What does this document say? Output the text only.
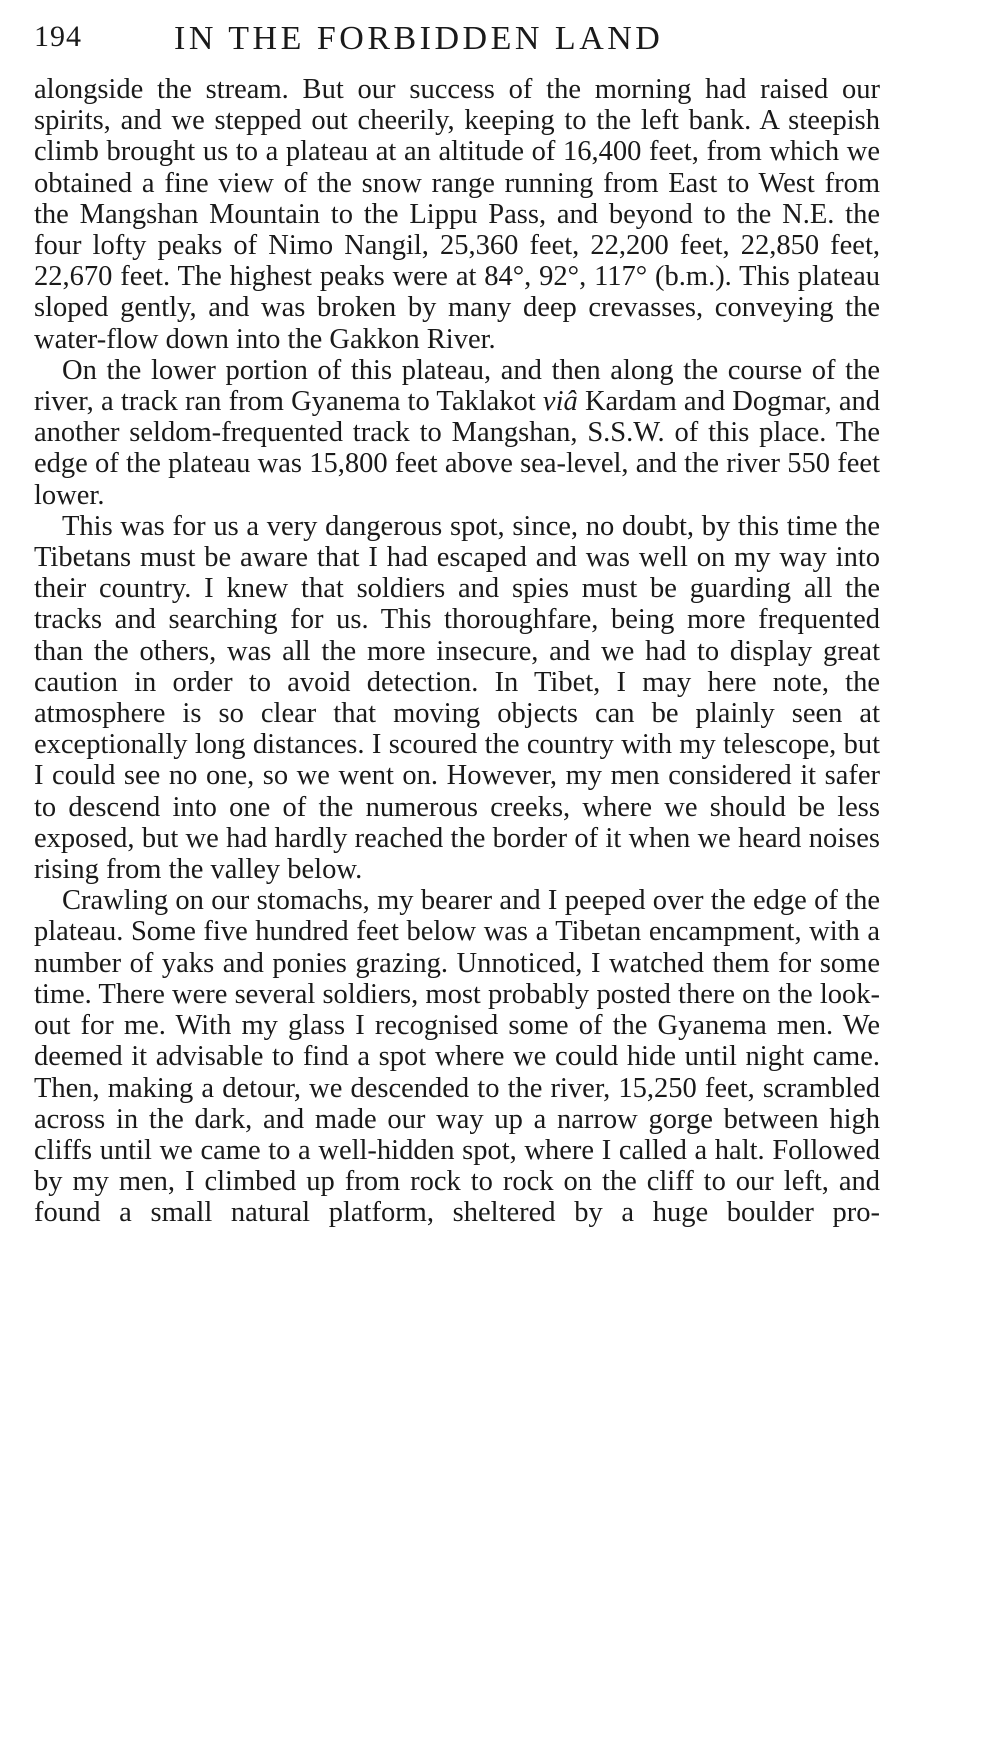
194	IN THE FORBIDDEN LAND

alongside the stream. But our success of the morning had raised our spirits, and we stepped out cheerily, keeping to the left bank. A steepish climb brought us to a plateau at an altitude of 16,400 feet, from which we obtained a fine view of the snow range running from East to West from the Mangshan Mountain to the Lippu Pass, and beyond to the N.E. the four lofty peaks of Nimo Nangil, 25,360 feet, 22,200 feet, 22,850 feet, 22,670 feet. The highest peaks were at 84°, 92°, 117° (b.m.). This plateau sloped gently, and was broken by many deep crevasses, conveying the water-flow down into the Gakkon River.

On the lower portion of this plateau, and then along the course of the river, a track ran from Gyanema to Taklakot viâ Kardam and Dogmar, and another seldom-frequented track to Mangshan, S.S.W. of this place. The edge of the plateau was 15,800 feet above sea-level, and the river 550 feet lower.

This was for us a very dangerous spot, since, no doubt, by this time the Tibetans must be aware that I had escaped and was well on my way into their country. I knew that soldiers and spies must be guarding all the tracks and searching for us. This thoroughfare, being more frequented than the others, was all the more insecure, and we had to display great caution in order to avoid detection. In Tibet, I may here note, the atmosphere is so clear that moving objects can be plainly seen at exceptionally long distances. I scoured the country with my telescope, but I could see no one, so we went on. However, my men considered it safer to descend into one of the numerous creeks, where we should be less exposed, but we had hardly reached the border of it when we heard noises rising from the valley below.

Crawling on our stomachs, my bearer and I peeped over the edge of the plateau. Some five hundred feet below was a Tibetan encampment, with a number of yaks and ponies grazing. Unnoticed, I watched them for some time. There were several soldiers, most probably posted there on the look-out for me. With my glass I recognised some of the Gyanema men. We deemed it advisable to find a spot where we could hide until night came. Then, making a detour, we descended to the river, 15,250 feet, scrambled across in the dark, and made our way up a narrow gorge between high cliffs until we came to a well-hidden spot, where I called a halt. Followed by my men, I climbed up from rock to rock on the cliff to our left, and found a small natural platform, sheltered by a huge boulder pro-
